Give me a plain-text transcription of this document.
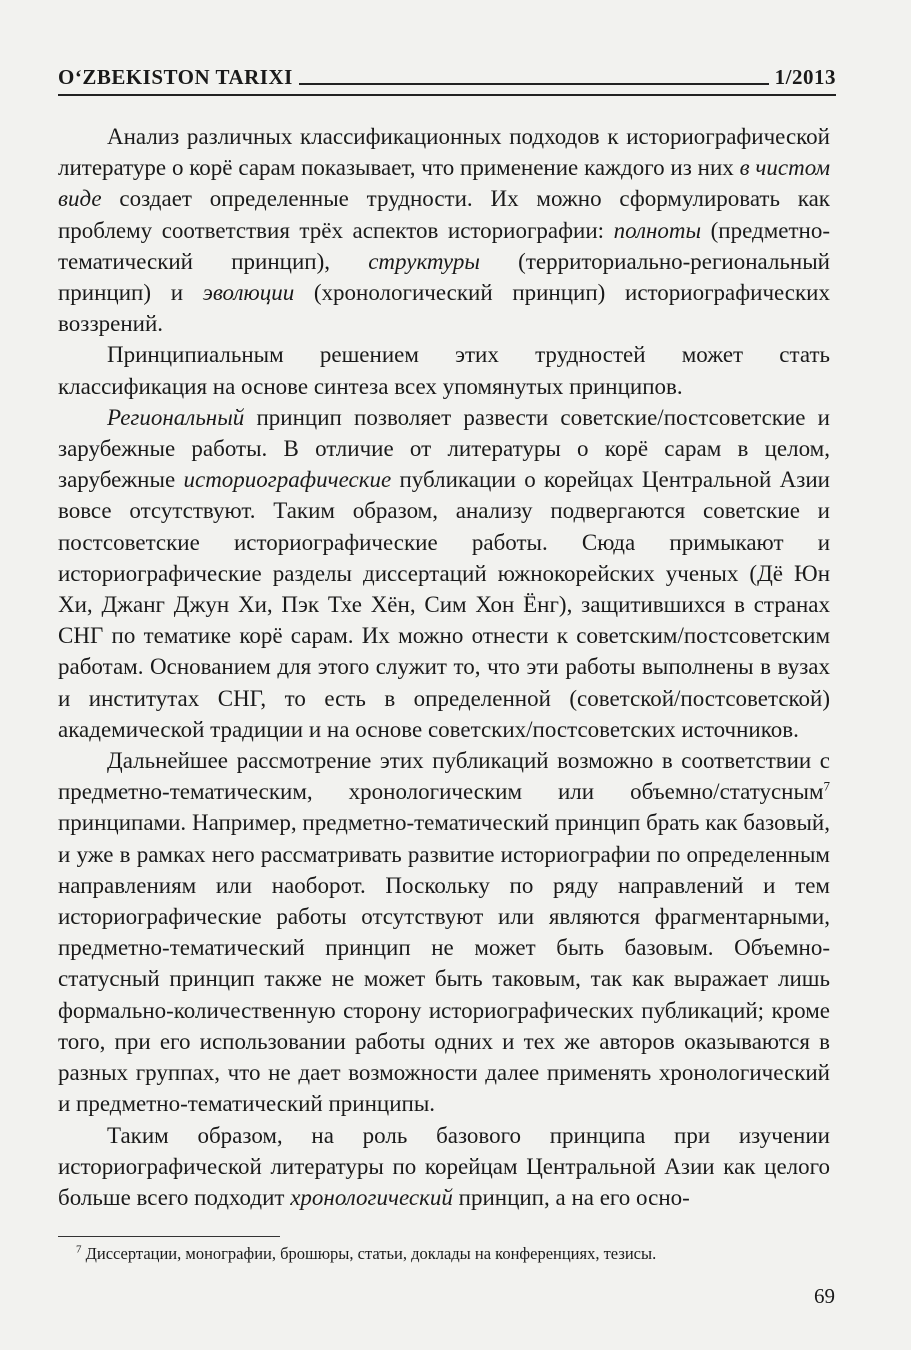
O‘ZBEKISTON TARIXI	1/2013

Анализ различных классификационных подходов к историографической литературе о корё сарам показывает, что применение каждого из них в чистом виде создает определенные трудности. Их можно сформулировать как проблему соответствия трёх аспектов историографии: полноты (предметно-тематический принцип), структуры (территориально-региональный принцип) и эволюции (хронологический принцип) историографических воззрений.

Принципиальным решением этих трудностей может стать классификация на основе синтеза всех упомянутых принципов.

Региональный принцип позволяет развести советские/постсоветские и зарубежные работы. В отличие от литературы о корё сарам в целом, зарубежные историографические публикации о корейцах Центральной Азии вовсе отсутствуют. Таким образом, анализу подвергаются советские и постсоветские историографические работы. Сюда примыкают и историографические разделы диссертаций южнокорейских ученых (Дё Юн Хи, Джанг Джун Хи, Пэк Тхе Хён, Сим Хон Ёнг), защитившихся в странах СНГ по тематике корё сарам. Их можно отнести к советским/постсоветским работам. Основанием для этого служит то, что эти работы выполнены в вузах и институтах СНГ, то есть в определенной (советской/постсоветской) академической традиции и на основе советских/постсоветских источников.

Дальнейшее рассмотрение этих публикаций возможно в соответствии с предметно-тематическим, хронологическим или объемно/статусным$^7$ принципами. Например, предметно-тематический принцип брать как базовый, и уже в рамках него рассматривать развитие историографии по определенным направлениям или наоборот. Поскольку по ряду направлений и тем историографические работы отсутствуют или являются фрагментарными, предметно-тематический принцип не может быть базовым. Объемно-статусный принцип также не может быть таковым, так как выражает лишь формально-количественную сторону историографических публикаций; кроме того, при его использовании работы одних и тех же авторов оказываются в разных группах, что не дает возможности далее применять хронологический и предметно-тематический принципы.

Таким образом, на роль базового принципа при изучении историографической литературы по корейцам Центральной Азии как целого больше всего подходит хронологический принцип, а на его осно-

$^7$ Диссертации, монографии, брошюры, статьи, доклады на конференциях, тезисы.
69
